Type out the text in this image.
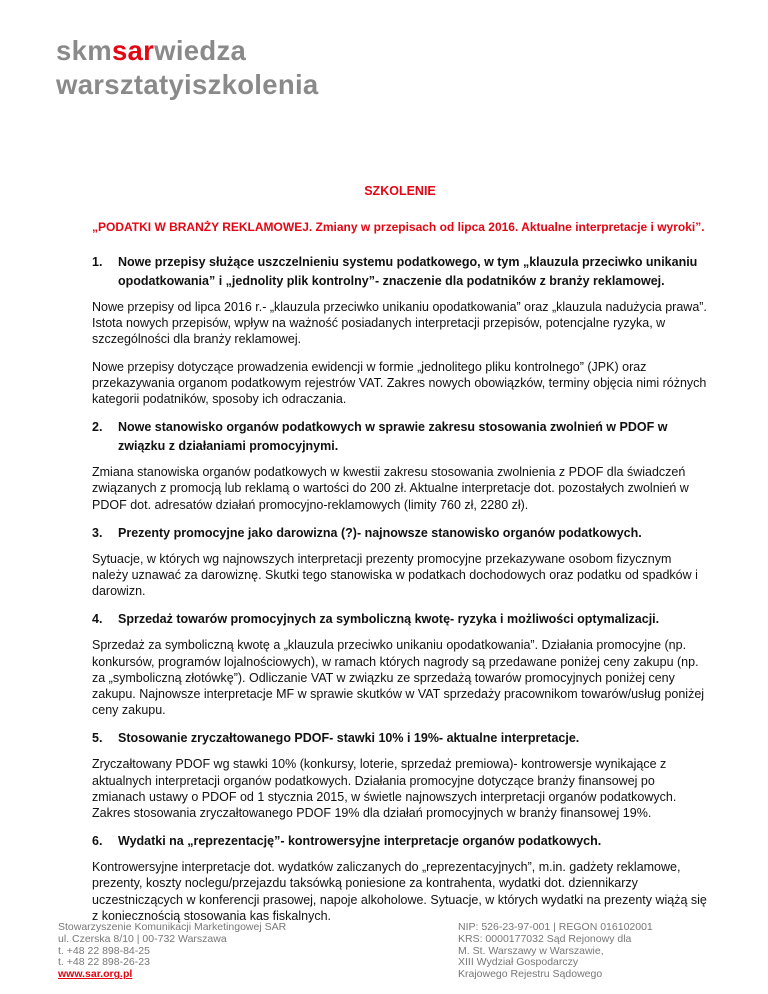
skmsarwiedza
warsztatyiszkolenia
SZKOLENIE
„PODATKI W BRANŻY REKLAMOWEJ. Zmiany w przepisach od lipca 2016. Aktualne interpretacje i wyroki”.
1.	Nowe przepisy służące uszczelnieniu systemu podatkowego, w tym „klauzula przeciwko unikaniu opodatkowania” i „jednolity plik kontrolny”- znaczenie dla podatników z branży reklamowej.

Nowe przepisy od lipca 2016 r.- „klauzula przeciwko unikaniu opodatkowania” oraz „klauzula nadużycia prawa”. Istota nowych przepisów, wpływ na ważność posiadanych interpretacji przepisów, potencjalne ryzyka, w szczególności dla branży reklamowej.

Nowe przepisy dotyczące prowadzenia ewidencji w formie „jednolitego pliku kontrolnego” (JPK) oraz przekazywania organom podatkowym rejestrów VAT. Zakres nowych obowiązków, terminy objęcia nimi różnych kategorii podatników, sposoby ich odraczania.

2.	Nowe stanowisko organów podatkowych w sprawie zakresu stosowania zwolnień w PDOF w związku z działaniami promocyjnymi.

Zmiana stanowiska organów podatkowych w kwestii zakresu stosowania zwolnienia z PDOF dla świadczeń związanych z promocją lub reklamą o wartości do 200 zł. Aktualne interpretacje dot. pozostałych zwolnień w PDOF dot. adresatów działań promocyjno-reklamowych (limity 760 zł, 2280 zł).

3.	Prezenty promocyjne jako darowizna (?)- najnowsze stanowisko organów podatkowych.

Sytuacje, w których wg najnowszych interpretacji prezenty promocyjne przekazywane osobom fizycznym należy uznawać za darowiznę. Skutki tego stanowiska w podatkach dochodowych oraz podatku od spadków i darowizn.

4.	Sprzedaż towarów promocyjnych za symboliczną kwotę- ryzyka i możliwości optymalizacji.

Sprzedaż za symboliczną kwotę a „klauzula przeciwko unikaniu opodatkowania”. Działania promocyjne (np. konkursów, programów lojalnościowych), w ramach których nagrody są przedawane poniżej ceny zakupu (np. za „symboliczną złotówkę”). Odliczanie VAT w związku ze sprzedażą towarów promocyjnych poniżej ceny zakupu. Najnowsze interpretacje MF w sprawie skutków w VAT sprzedaży pracownikom towarów/usług poniżej ceny zakupu.

5.	Stosowanie zryczałtowanego PDOF- stawki 10% i 19%- aktualne interpretacje.

Zryczałtowany PDOF wg stawki 10% (konkursy, loterie, sprzedaż premiowa)- kontrowersje wynikające z aktualnych interpretacji organów podatkowych. Działania promocyjne dotyczące branży finansowej po zmianach ustawy o PDOF od 1 stycznia 2015, w świetle najnowszych interpretacji organów podatkowych. Zakres stosowania zryczałtowanego PDOF 19% dla działań promocyjnych w branży finansowej 19%.

6.	Wydatki na „reprezentację”- kontrowersyjne interpretacje organów podatkowych.

Kontrowersyjne interpretacje dot. wydatków zaliczanych do „reprezentacyjnych”, m.in. gadżety reklamowe, prezenty, koszty noclegu/przejazdu taksówką poniesione za kontrahenta, wydatki dot. dziennikarzy uczestniczących w konferencji prasowej, napoje alkoholowe. Sytuacje, w których wydatki na prezenty wiążą się z koniecznością stosowania kas fiskalnych.

Stowarzyszenie Komunikacji Marketingowej SAR
ul. Czerska 8/10 | 00-732 Warszawa
t. +48 22 898-84-25
t. +48 22 898-26-23
www.sar.org.pl
NIP: 526-23-97-001 | REGON 016102001
KRS: 0000177032 Sąd Rejonowy dla
M. St. Warszawy w Warszawie,
XIII Wydział Gospodarczy
Krajowego Rejestru Sądowego
